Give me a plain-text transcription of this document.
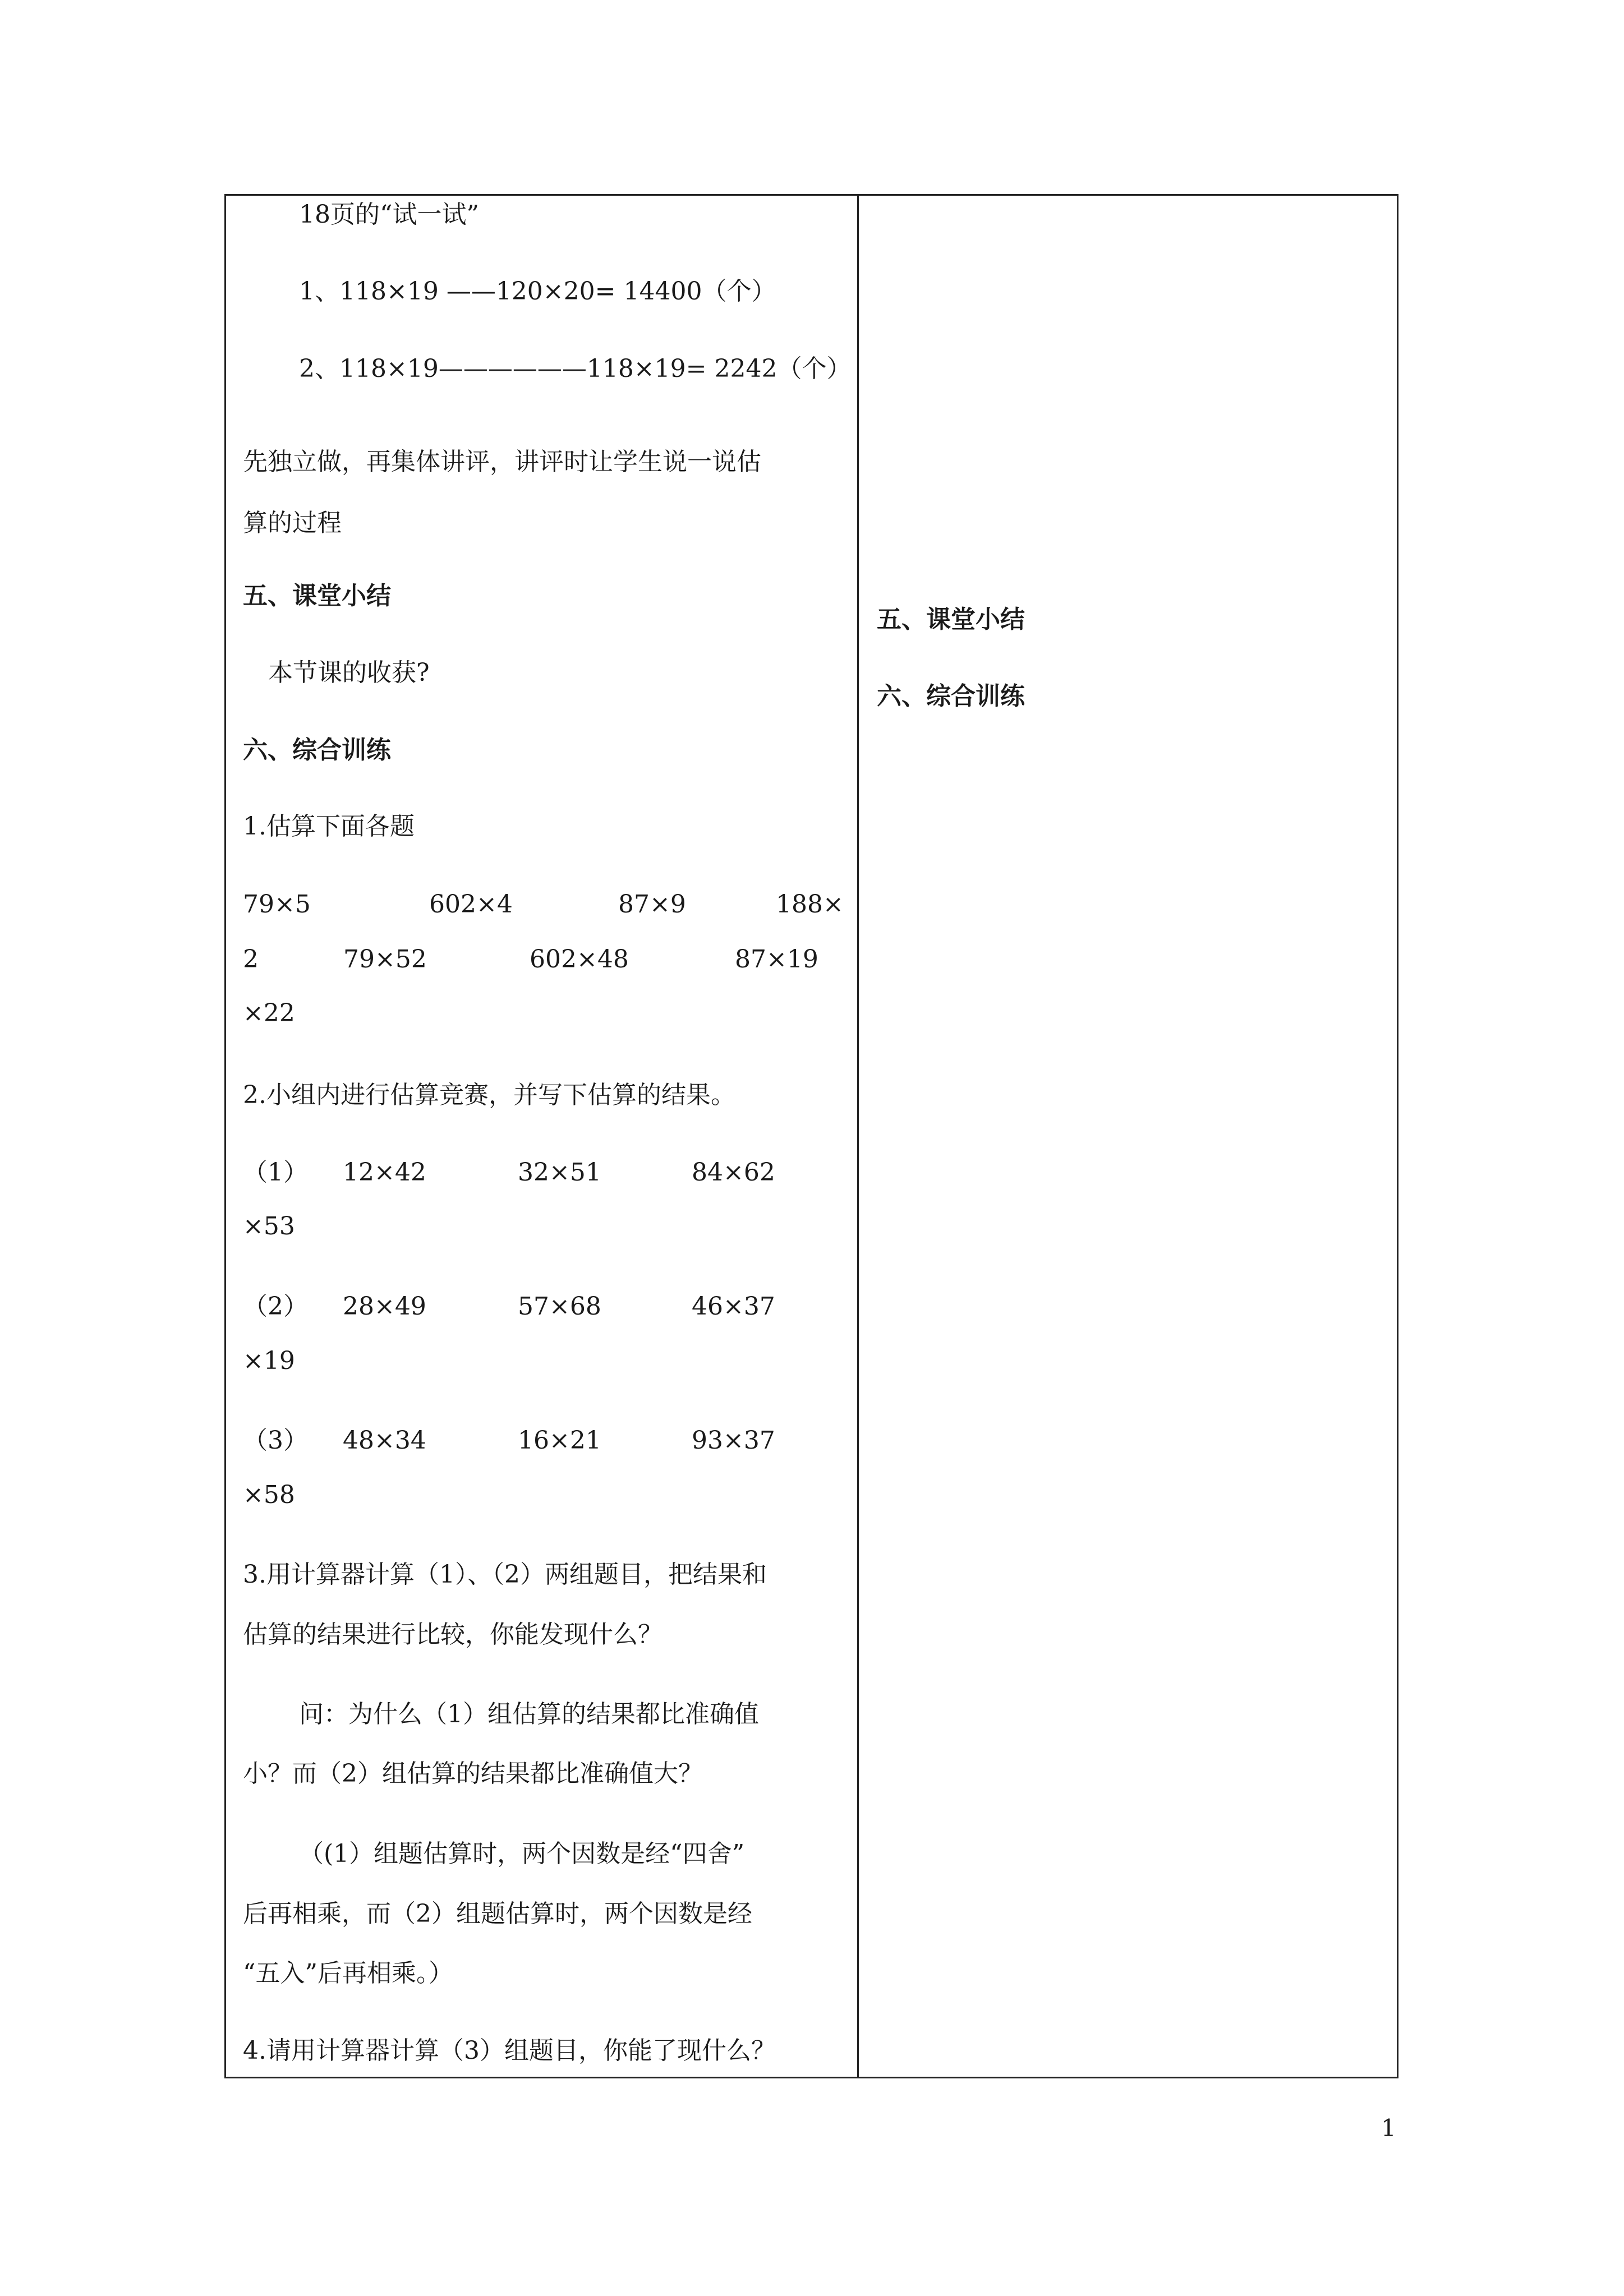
18页的“试一试”
1、118×19 ——120×20= 14400（个）
2、118×19——————118×19= 2242（个）
先独立做，再集体讲评，讲评时让学生说一说估
算的过程
五、课堂小结
本节课的收获?
六、综合训练
1.估算下面各题
79×5	602×4	87×9	188×
2	79×52	602×48	87×19
×22
2.小组内进行估算竞赛，并写下估算的结果。
（1） 12×42	32×51	84×62
×53
（2） 28×49	57×68	46×37
×19
（3） 48×34	16×21	93×37
×58
3.用计算器计算（1）、（2）两组题目，把结果和
估算的结果进行比较，你能发现什么？
问：为什么（1）组估算的结果都比准确值
小？而（2）组估算的结果都比准确值大？
（(1）组题估算时，两个因数是经“四舍”
后再相乘，而（2）组题估算时，两个因数是经
“五入”后再相乘。）
4.请用计算器计算（3）组题目，你能了现什么？
五、课堂小结
六、综合训练
1
